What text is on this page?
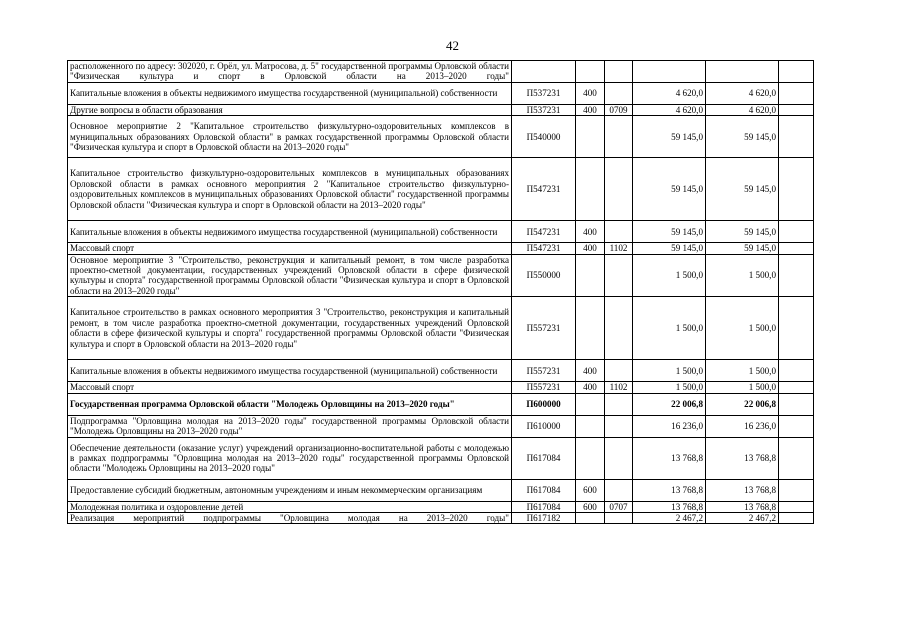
42
расположенного по адресу: 302020, г. Орёл, ул. Матросова, д. 5" государственной программы Орловской области "Физическая культура и спорт в Орловской области на 2013–2020 годы"						
Капитальные вложения в объекты недвижимого имущества государственной (муниципальной) собственности	П537231	400		4 620,0	4 620,0	
Другие вопросы в области образования	П537231	400	0709	4 620,0	4 620,0	
Основное мероприятие 2 "Капитальное строительство физкультурно-оздоровительных комплексов в муниципальных образованиях Орловской области" в рамках государственной программы Орловской области "Физическая культура и спорт в Орловской области на 2013–2020 годы"	П540000			59 145,0	59 145,0	
Капитальное строительство физкультурно-оздоровительных комплексов в муниципальных образованиях Орловской области в рамках основного мероприятия 2 "Капитальное строительство физкультурно-оздоровительных комплексов в муниципальных образованиях Орловской области" государственной программы Орловской области "Физическая культура и спорт в Орловской области на 2013–2020 годы"	П547231			59 145,0	59 145,0	
Капитальные вложения в объекты недвижимого имущества государственной (муниципальной) собственности	П547231	400		59 145,0	59 145,0	
Массовый спорт	П547231	400	1102	59 145,0	59 145,0	
Основное мероприятие 3 "Строительство, реконструкция и капитальный ремонт, в том числе разработка проектно-сметной документации, государственных учреждений Орловской области в сфере физической культуры и спорта" государственной программы Орловской области "Физическая культура и спорт в Орловской области на 2013–2020 годы"	П550000			1 500,0	1 500,0	
Капитальное строительство в рамках основного мероприятия 3 "Строительство, реконструкция и капитальный ремонт, в том числе разработка проектно-сметной документации, государственных учреждений Орловской области в сфере физической культуры и спорта" государственной программы Орловской области "Физическая культура и спорт в Орловской области на 2013–2020 годы"	П557231			1 500,0	1 500,0	
Капитальные вложения в объекты недвижимого имущества государственной (муниципальной) собственности	П557231	400		1 500,0	1 500,0	
Массовый спорт	П557231	400	1102	1 500,0	1 500,0	
Государственная программа Орловской области "Молодежь Орловщины на 2013–2020 годы"	П600000			22 006,8	22 006,8	
Подпрограмма "Орловщина молодая на 2013–2020 годы" государственной программы Орловской области "Молодежь Орловщины на 2013–2020 годы"	П610000			16 236,0	16 236,0	
Обеспечение деятельности (оказание услуг) учреждений организационно-воспитательной работы с молодежью в рамках подпрограммы "Орловщина молодая на 2013–2020 годы" государственной программы Орловской области "Молодежь Орловщины на 2013–2020 годы"	П617084			13 768,8	13 768,8	
Предоставление субсидий бюджетным, автономным учреждениям и иным некоммерческим организациям	П617084	600		13 768,8	13 768,8	
Молодежная политика и оздоровление детей	П617084	600	0707	13 768,8	13 768,8	
Реализация мероприятий подпрограммы "Орловщина молодая на 2013–2020 годы"	П617182			2 467,2	2 467,2	
